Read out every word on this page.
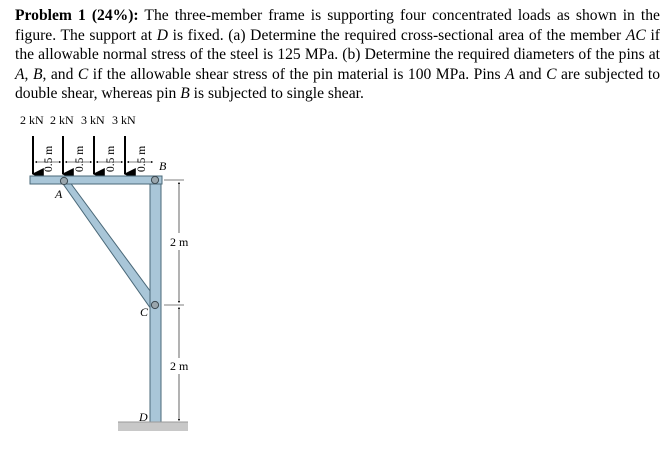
Problem 1 (24%): The three-member frame is supporting four concentrated loads as shown in the figure. The support at D is fixed. (a) Determine the required cross-sectional area of the member AC if the allowable normal stress of the steel is 125 MPa. (b) Determine the required diameters of the pins at A, B, and C if the allowable shear stress of the pin material is 100 MPa. Pins A and C are subjected to double shear, whereas pin B is subjected to single shear.

2 kN 2 kN 3 kN 3 kN
0.5 m 0.5 m 0.5 m 0.5 m
2 m
2 m
A
B
C
D
